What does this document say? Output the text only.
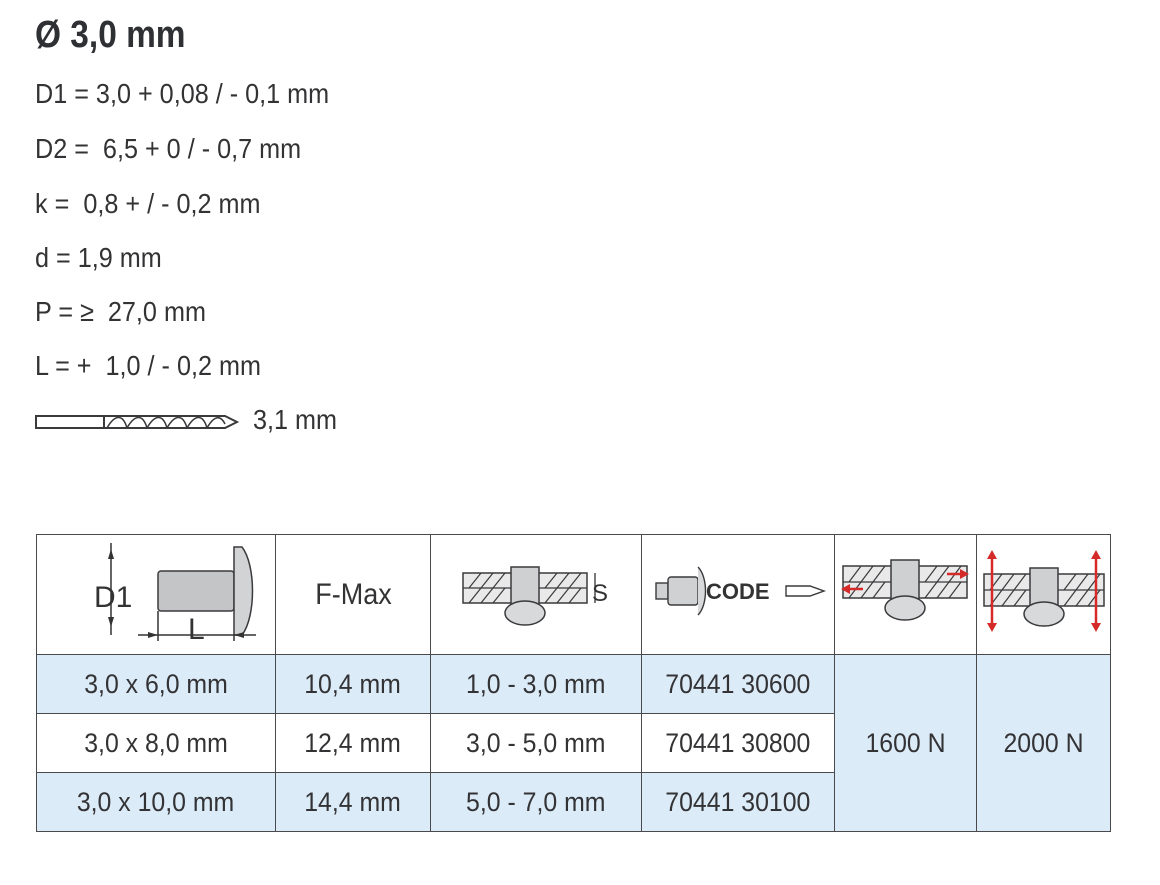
Ø 3,0 mm
D1 = 3,0 + 0,08 / - 0,1 mm
D2 =  6,5 + 0 / - 0,7 mm
k =  0,8 + / - 0,2 mm
d = 1,9 mm
P = ≥  27,0 mm
L = +  1,0 / - 0,2 mm
3,1 mm
D1
L	F-Max	S	CODE

3,0 x 6,0 mm	10,4 mm	1,0 - 3,0 mm	70441 30600	1600 N	2000 N
3,0 x 8,0 mm	12,4 mm	3,0 - 5,0 mm	70441 30800		
3,0 x 10,0 mm	14,4 mm	5,0 - 7,0 mm	70441 30100		
